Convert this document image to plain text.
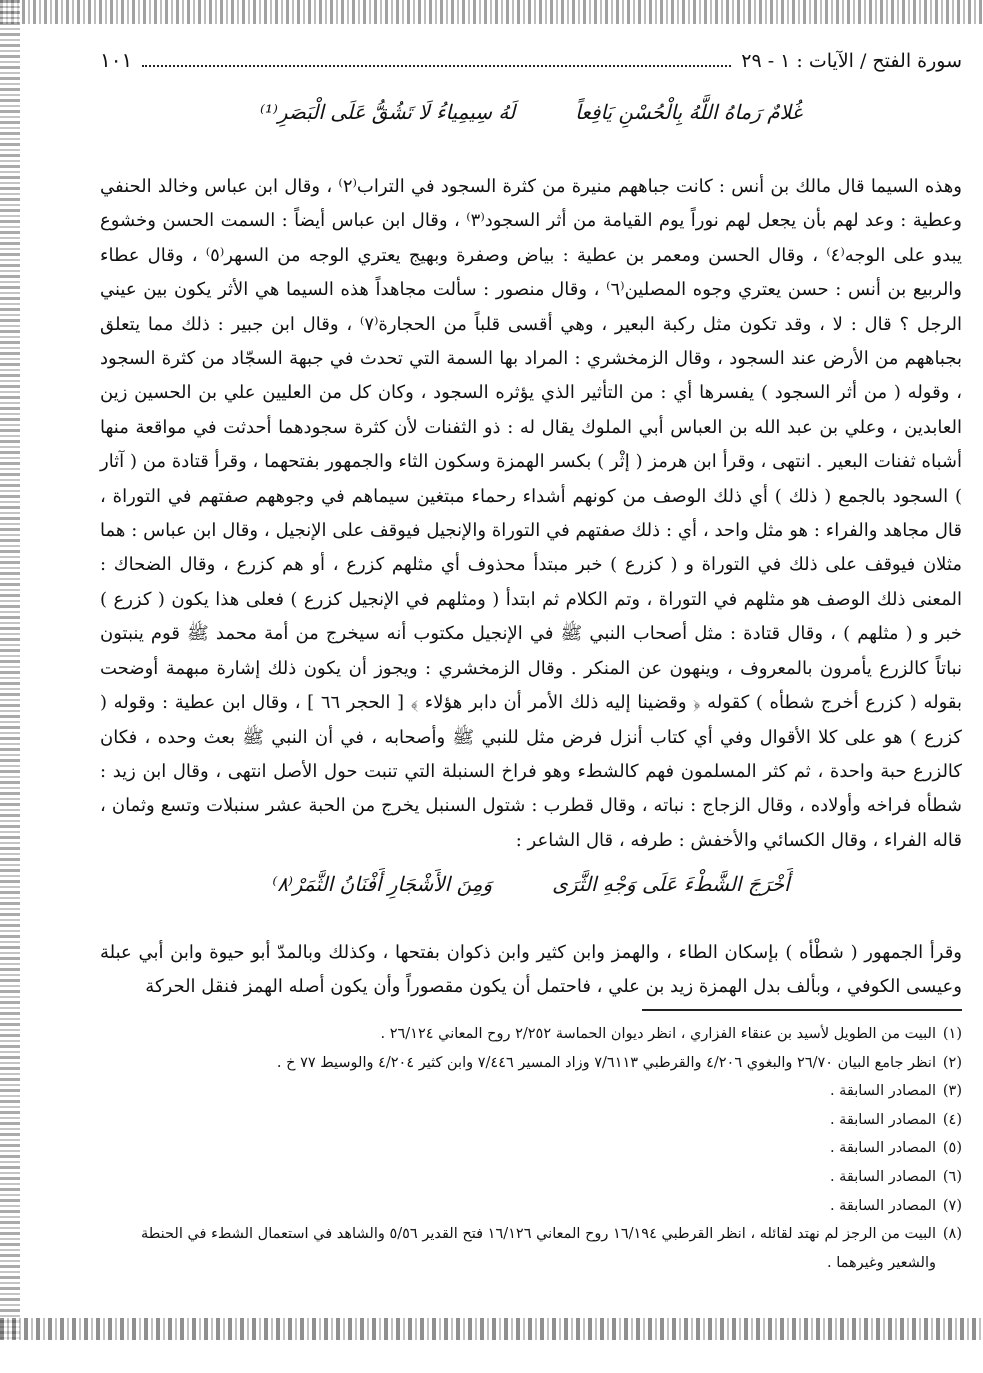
سورة الفتح / الآيات : ١ - ٢٩
١٠١
غُلامٌ رَماهُ اللَّهُ بِالْحُسْنِ يَافِعاً
لَهُ سِيمِياءُ لَا تَشُقُّ عَلَى الْبَصَرِ⁽¹⁾

وهذه السيما قال مالك بن أنس : كانت جباههم منيرة من كثرة السجود في التراب⁽٢⁾ ، وقال ابن عباس وخالد الحنفي وعطية : وعد لهم بأن يجعل لهم نوراً يوم القيامة من أثر السجود⁽٣⁾ ، وقال ابن عباس أيضاً : السمت الحسن وخشوع يبدو على الوجه⁽٤⁾ ، وقال الحسن ومعمر بن عطية : بياض وصفرة وبهيج يعتري الوجه من السهر⁽٥⁾ ، وقال عطاء والربيع بن أنس : حسن يعتري وجوه المصلين⁽٦⁾ ، وقال منصور : سألت مجاهداً هذه السيما هي الأثر يكون بين عيني الرجل ؟ قال : لا ، وقد تكون مثل ركبة البعير ، وهي أقسى قلباً من الحجارة⁽٧⁾ ، وقال ابن جبير : ذلك مما يتعلق بجباههم من الأرض عند السجود ، وقال الزمخشري : المراد بها السمة التي تحدث في جبهة السجّاد من كثرة السجود ، وقوله ( من أثر السجود ) يفسرها أي : من التأثير الذي يؤثره السجود ، وكان كل من العليين علي بن الحسين زين العابدين ، وعلي بن عبد الله بن العباس أبي الملوك يقال له : ذو الثفنات لأن كثرة سجودهما أحدثت في مواقعة منها أشباه ثفنات البعير . انتهى ، وقرأ ابن هرمز ( إثْر ) بكسر الهمزة وسكون الثاء والجمهور بفتحهما ، وقرأ قتادة من ( آثار ) السجود بالجمع ( ذلك ) أي ذلك الوصف من كونهم أشداء رحماء مبتغين سيماهم في وجوههم صفتهم في التوراة ، قال مجاهد والفراء : هو مثل واحد ، أي : ذلك صفتهم في التوراة والإنجيل فيوقف على الإنجيل ، وقال ابن عباس : هما مثلان فيوقف على ذلك في التوراة و ( كزرع ) خبر مبتدأ محذوف أي مثلهم كزرع ، أو هم كزرع ، وقال الضحاك : المعنى ذلك الوصف هو مثلهم في التوراة ، وتم الكلام ثم ابتدأ ( ومثلهم في الإنجيل كزرع ) فعلى هذا يكون ( كزرع ) خبر و ( مثلهم ) ، وقال قتادة : مثل أصحاب النبي ﷺ في الإنجيل مكتوب أنه سيخرج من أمة محمد ﷺ قوم ينبتون نباتاً كالزرع يأمرون بالمعروف ، وينهون عن المنكر . وقال الزمخشري : ويجوز أن يكون ذلك إشارة مبهمة أوضحت بقوله ( كزرع أخرج شطأه ) كقوله ﴿ وقضينا إليه ذلك الأمر أن دابر هؤلاء ﴾ [ الحجر ٦٦ ] ، وقال ابن عطية : وقوله ( كزرع ) هو على كلا الأقوال وفي أي كتاب أنزل فرض مثل للنبي ﷺ وأصحابه ، في أن النبي ﷺ بعث وحده ، فكان كالزرع حبة واحدة ، ثم كثر المسلمون فهم كالشطء وهو فراخ السنبلة التي تنبت حول الأصل انتهى ، وقال ابن زيد : شطأه فراخه وأولاده ، وقال الزجاج : نباته ، وقال قطرب : شتول السنبل يخرج من الحبة عشر سنبلات وتسع وثمان ، قاله الفراء ، وقال الكسائي والأخفش : طرفه ، قال الشاعر :

أَخْرَجَ الشَّطْءَ عَلَى وَجْهِ الثَّرَى
وَمِنَ الأَشْجَارِ أَفْنَانُ الثَّمَرْ⁽٨⁾

وقرأ الجمهور ( شطْأه ) بإسكان الطاء ، والهمز وابن كثير وابن ذكوان بفتحها ، وكذلك وبالمدّ أبو حيوة وابن أبي عبلة وعيسى الكوفي ، وبألف بدل الهمزة زيد بن علي ، فاحتمل أن يكون مقصوراً وأن يكون أصله الهمز فنقل الحركة

(١)
البيت من الطويل لأسيد بن عنقاء الفزاري ، انظر ديوان الحماسة ٢/٢٥٢ روح المعاني ٢٦/١٢٤ .
(٢)
انظر جامع البيان ٢٦/٧٠ والبغوي ٤/٢٠٦ والقرطبي ٧/٦١١٣ وزاد المسير ٧/٤٤٦ وابن كثير ٤/٢٠٤ والوسيط ٧٧ خ .
(٣)
المصادر السابقة .
(٤)
المصادر السابقة .
(٥)
المصادر السابقة .
(٦)
المصادر السابقة .
(٧)
المصادر السابقة .
(٨)
البيت من الرجز لم نهتد لقائله ، انظر القرطبي ١٦/١٩٤ روح المعاني ١٦/١٢٦ فتح القدير ٥/٥٦ والشاهد في استعمال الشطء في الحنطة والشعير وغيرهما .
